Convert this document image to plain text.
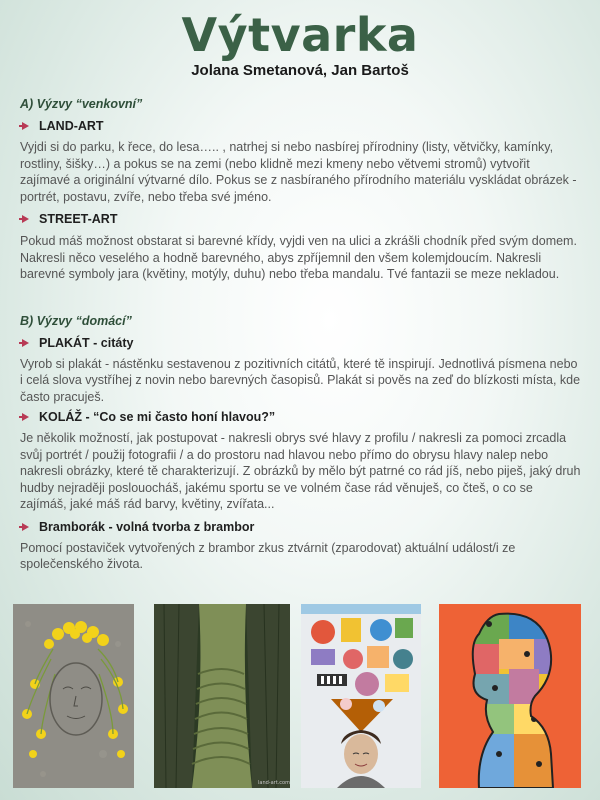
Výtvarka
Jolana Smetanová, Jan Bartoš

A) Výzvy “venkovní”

LAND-ART

Vyjdi si do parku, k řece, do lesa….. , natrhej si nebo nasbírej přírodniny (listy, větvičky, kamínky, rostliny, šišky…) a pokus se na zemi (nebo klidně mezi kmeny nebo větvemi stromů) vytvořit zajímavé a originální výtvarné dílo. Pokus se z nasbíraného přírodního materiálu vyskládat obrázek - portrét, postavu, zvíře, nebo třeba své jméno.

STREET-ART

Pokud máš možnost obstarat si barevné křídy, vyjdi ven na ulici a zkrášli chodník před svým domem. Nakresli něco veselého a hodně barevného, abys zpříjemnil den všem kolemjdoucím. Nakresli barevné symboly jara (květiny, motýly, duhu) nebo třeba mandalu. Tvé fantazii se meze nekladou.

B) Výzvy “domácí”

PLAKÁT - citáty

Vyrob si plakát - nástěnku sestavenou z pozitivních citátů, které tě inspirují. Jednotlivá písmena nebo i celá slova vystříhej z novin nebo barevných časopisů. Plakát si pověs na zeď do blízkosti místa, kde často pracuješ.

KOLÁŽ - “Co se mi často honí hlavou?”

Je několik možností, jak postupovat - nakresli obrys své hlavy z profilu / nakresli za pomoci zrcadla svůj portrét / použij fotografii / a do prostoru nad hlavou nebo přímo do obrysu hlavy nalep nebo nakresli obrázky, které tě charakterizují. Z obrázků by mělo být patrné co rád jíš, nebo piješ, jaký druh hudby nejraději poslouocháš, jakému sportu se ve volném čase rád věnuješ, co čteš, o co se zajímáš, jaké máš rád barvy, květiny, zvířata...

Bramborák - volná tvorba z brambor

Pomocí postaviček vytvořených z brambor zkus ztvárnit (zparodovat) aktuální událost/i ze společenského života.

land-art.com
